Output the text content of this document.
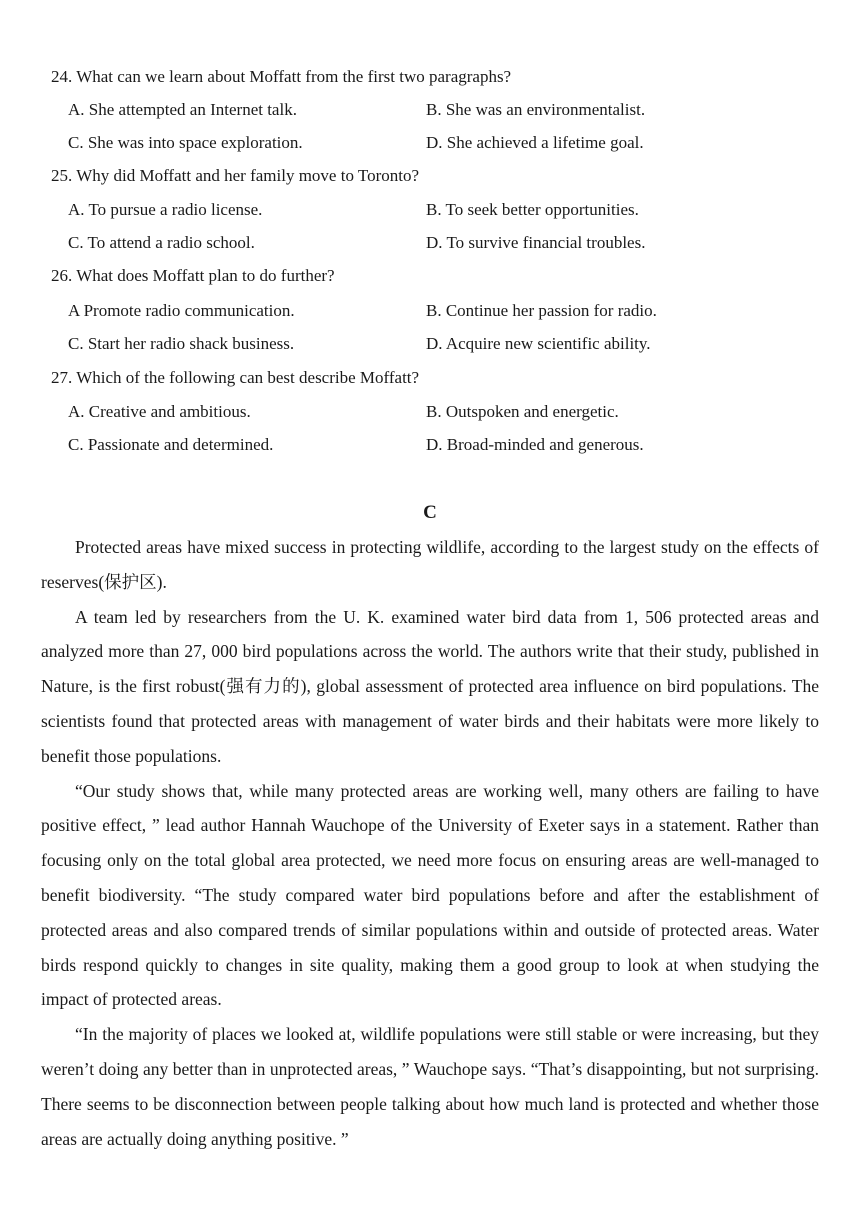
24. What can we learn about Moffatt from the first two paragraphs?
A. She attempted an Internet talk.	B. She was an environmentalist.
C. She was into space exploration.	D. She achieved a lifetime goal.
25. Why did Moffatt and her family move to Toronto?
A. To pursue a radio license.	B. To seek better opportunities.
C. To attend a radio school.	D. To survive financial troubles.
26. What does Moffatt plan to do further?
A Promote radio communication.	B. Continue her passion for radio.
C. Start her radio shack business.	D. Acquire new scientific ability.
27. Which of the following can best describe Moffatt?
A. Creative and ambitious.	B. Outspoken and energetic.
C. Passionate and determined.	D. Broad-minded and generous.
C

Protected areas have mixed success in protecting wildlife, according to the largest study on the effects of reserves(保护区).

A team led by researchers from the U. K. examined water bird data from 1, 506 protected areas and analyzed more than 27, 000 bird populations across the world. The authors write that their study, published in Nature, is the first robust(强有力的), global assessment of protected area influence on bird populations. The scientists found that protected areas with management of water birds and their habitats were more likely to benefit those populations.

“Our study shows that, while many protected areas are working well, many others are failing to have positive effect, ” lead author Hannah Wauchope of the University of Exeter says in a statement. Rather than focusing only on the total global area protected, we need more focus on ensuring areas are well-managed to benefit biodiversity. “The study compared water bird populations before and after the establishment of protected areas and also compared trends of similar populations within and outside of protected areas. Water birds respond quickly to changes in site quality, making them a good group to look at when studying the impact of protected areas.

“In the majority of places we looked at, wildlife populations were still stable or were increasing, but they weren’t doing any better than in unprotected areas, ” Wauchope says. “That’s disappointing, but not surprising. There seems to be disconnection between people talking about how much land is protected and whether those areas are actually doing anything positive. ”
